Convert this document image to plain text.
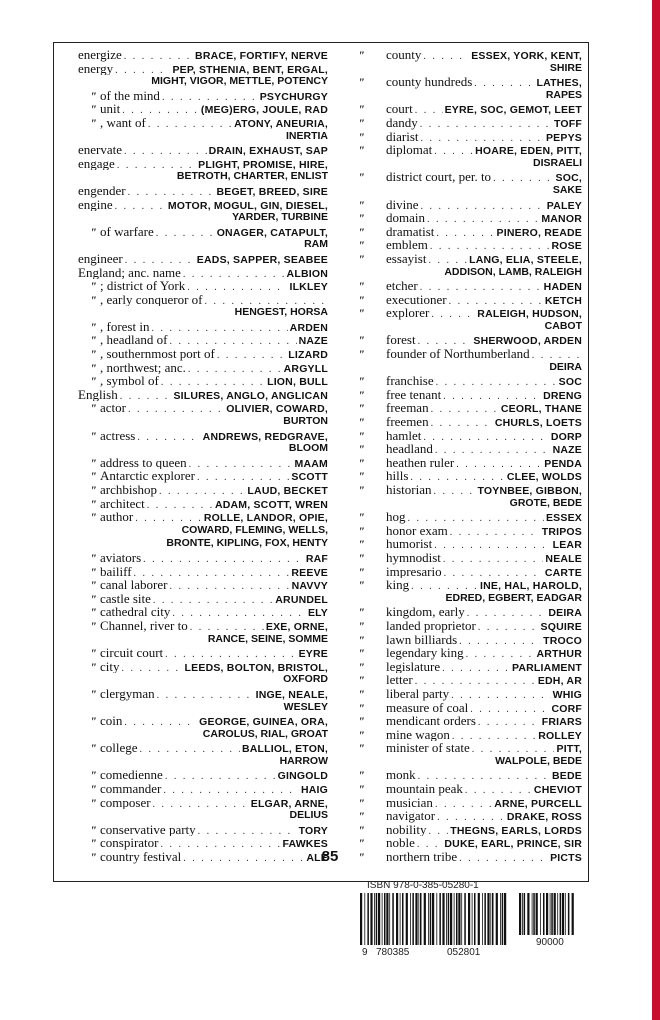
energize . . .	BRACE, FORTIFY, NERVE
energy . . .	PEP, STHENIA, BENT, ERGAL,
MIGHT, VIGOR, METTLE, POTENCY
" of the mind . . .	PSYCHURGY
" unit . . .	(MEG)ERG, JOULE, RAD
" , want of . . .	ATONY, ANEURIA,
INERTIA
enervate . . .	DRAIN, EXHAUST, SAP
engage . . .	PLIGHT, PROMISE, HIRE,
BETROTH, CHARTER, ENLIST
engender . . .	BEGET, BREED, SIRE
engine . . .	MOTOR, MOGUL, GIN, DIESEL,
YARDER, TURBINE
" of warfare . . .	ONAGER, CATAPULT,
RAM
engineer . . .	EADS, SAPPER, SEABEE
England; anc. name . . .	ALBION
" ; district of York . . .	ILKLEY
" , early conqueror of
. . .
HENGEST, HORSA
" , forest in . . .	ARDEN
" , headland of . . .	NAZE
" , southernmost port of . . .	LIZARD
" , northwest; anc. . . .	ARGYLL
" , symbol of . . .	LION, BULL
English . . .	SILURES, ANGLO, ANGLICAN
" actor . . .	OLIVIER, COWARD,
BURTON
" actress . . .	ANDREWS, REDGRAVE,
BLOOM
" address to queen . . .	MAAM
" Antarctic explorer . . .	SCOTT
" archbishop . . .	LAUD, BECKET
" architect . . .	ADAM, SCOTT, WREN
" author . . .	ROLLE, LANDOR, OPIE,
COWARD, FLEMING, WELLS,
BRONTE, KIPLING, FOX, HENTY
" aviators . . .	RAF
" bailiff . . .	REEVE
" canal laborer . . .	NAVVY
" castle site . . .	ARUNDEL
" cathedral city . . .	ELY
" Channel, river to . . .	EXE, ORNE,
RANCE, SEINE, SOMME
" circuit court . . .	EYRE
" city . . .	LEEDS, BOLTON, BRISTOL,
OXFORD
" clergyman . . .	INGE, NEALE,
WESLEY
" coin . . .	GEORGE, GUINEA, ORA,
CAROLUS, RIAL, GROAT
" college . . .	BALLIOL, ETON,
HARROW
" comedienne . . .	GINGOLD
" commander . . .	HAIG
" composer . . .	ELGAR, ARNE,
DELIUS
" conservative party . . .	TORY
" conspirator . . .	FAWKES
" country festival . . .	ALE
"	county . . .	ESSEX, YORK, KENT,
SHIRE
"	county hundreds . . .	LATHES,
RAPES
"	court . . .	EYRE, SOC, GEMOT, LEET
"	dandy . . .	TOFF
"	diarist . . .	PEPYS
"	diplomat . . .	HOARE, EDEN, PITT,
DISRAELI
"	district court, per. to . . .	SOC,
SAKE
"	divine . . .	PALEY
"	domain . . .	MANOR
"	dramatist . . .	PINERO, READE
"	emblem . . .	ROSE
"	essayist . . .	LANG, ELIA, STEELE,
ADDISON, LAMB, RALEIGH
"	etcher . . .	HADEN
"	executioner . . .	KETCH
"	explorer . . .	RALEIGH, HUDSON,
CABOT
"	forest . . .	SHERWOOD, ARDEN
"	founder of Northumberland
. . .
DEIRA
"	franchise . . .	SOC
"	free tenant . . .	DRENG
"	freeman . . .	CEORL, THANE
"	freemen . . .	CHURLS, LOETS
"	hamlet . . .	DORP
"	headland . . .	NAZE
"	heathen ruler . . .	PENDA
"	hills . . .	CLEE, WOLDS
"	historian . . .	TOYNBEE, GIBBON,
GROTE, BEDE
"	hog . . .	ESSEX
"	honor exam . . .	TRIPOS
"	humorist . . .	LEAR
"	hymnodist . . .	NEALE
"	impresario . . .	CARTE
"	king . . .	INE, HAL, HAROLD,
EDRED, EGBERT, EADGAR
"	kingdom, early . . .	DEIRA
"	landed proprietor . . .	SQUIRE
"	lawn billiards . . .	TROCO
"	legendary king . . .	ARTHUR
"	legislature . . .	PARLIAMENT
"	letter . . .	EDH, AR
"	liberal party . . .	WHIG
"	measure of coal . . .	CORF
"	mendicant orders . . .	FRIARS
"	mine wagon . . .	ROLLEY
"	minister of state . . .	PITT,
WALPOLE, BEDE
"	monk . . .	BEDE
"	mountain peak . . .	CHEVIOT
"	musician . . .	ARNE, PURCELL
"	navigator . . .	DRAKE, ROSS
"	nobility . . . THEGNS, EARLS, LORDS
"	noble . . .	DUKE, EARL, PRINCE, SIR
"	northern tribe . . .	PICTS
85
ISBN 978-0-385-05280-1
9 780385	052801
90000
